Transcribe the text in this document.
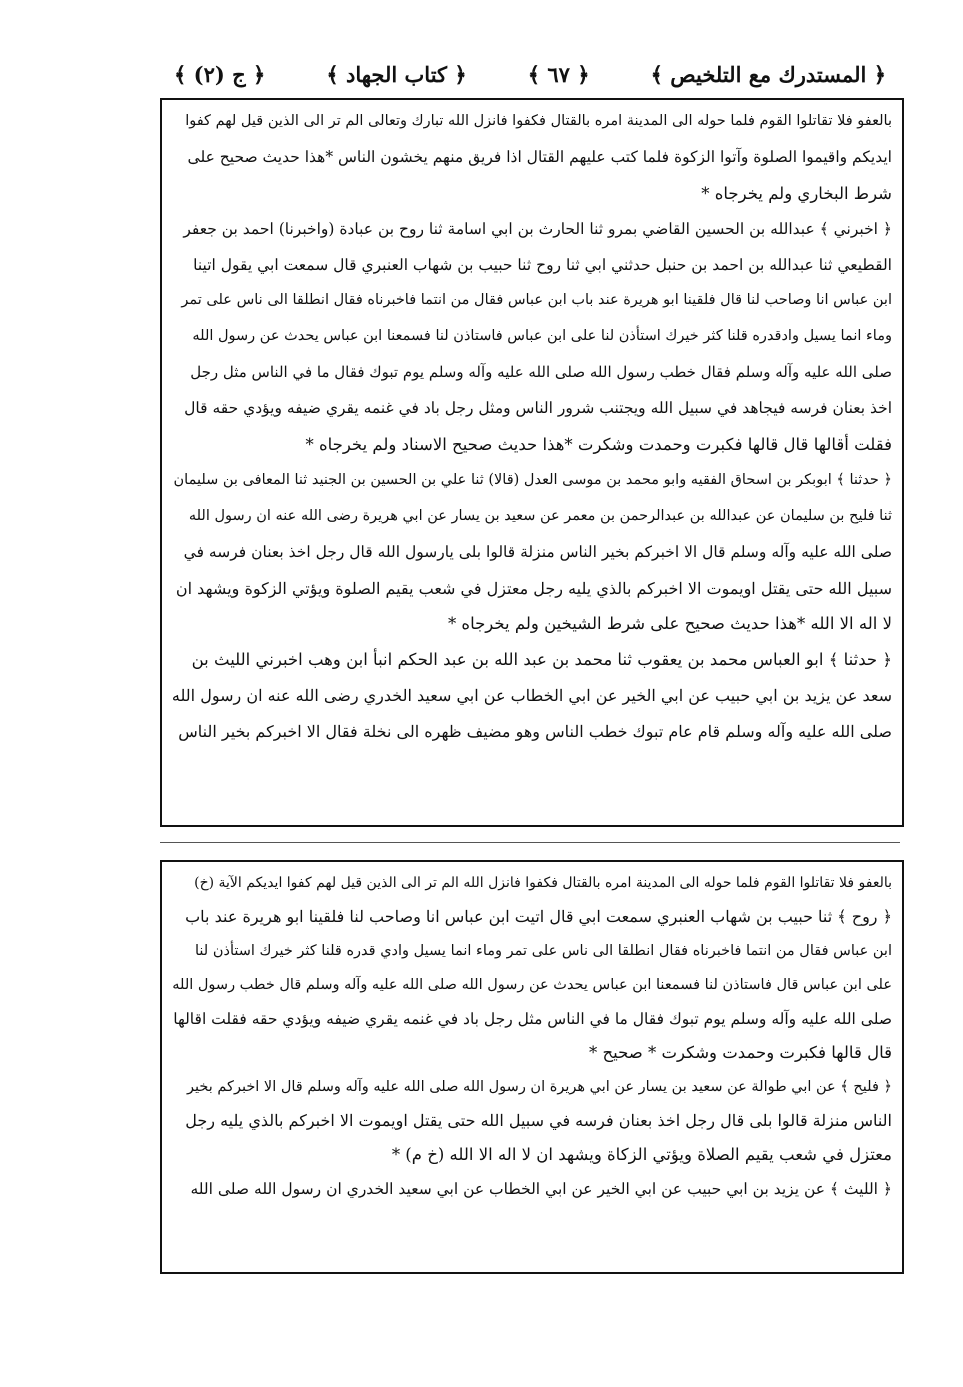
﴿ المستدرك مع التلخيص ﴾
﴿ ٦٧ ﴾
﴿ كتاب الجهاد ﴾
﴿ ج (٢) ﴾
بالعفو فلا تقاتلوا القوم فلما حوله الى المدينة امره بالقتال فكفوا فانزل الله تبارك وتعالى الم تر الى الذين قيل لهم كفوا
ايديكم واقيموا الصلوة وآتوا الزكوة فلما كتب عليهم القتال اذا فريق منهم يخشون الناس *هذا حديث صحيح على
شرط البخاري ولم يخرجاه *
﴿ اخبرني ﴾ عبدالله بن الحسين القاضي بمرو ثنا الحارث بن ابي اسامة ثنا روح بن عبادة (واخبرنا) احمد بن جعفر
القطيعي ثنا عبدالله بن احمد بن حنبل حدثني ابي ثنا روح ثنا حبيب بن شهاب العنبري قال سمعت ابي يقول اتينا
ابن عباس انا وصاحب لنا قال فلقينا ابو هريرة عند باب ابن عباس فقال من انتما فاخبرناه فقال انطلقا الى ناس على تمر
وماء انما يسيل وادقدره قلنا كثر خيرك استأذن لنا على ابن عباس فاستاذن لنا فسمعنا ابن عباس يحدث عن رسول الله
صلى الله عليه وآله وسلم فقال خطب رسول الله صلى الله عليه وآله وسلم يوم تبوك فقال ما في الناس مثل رجل
اخذ بعنان فرسه فيجاهد في سبيل الله ويجتنب شرور الناس ومثل رجل باد في غنمه يقري ضيفه ويؤدي حقه قال
فقلت أقالها قال قالها فكبرت وحمدت وشكرت *هذا حديث صحيح الاسناد ولم يخرجاه *
﴿ حدثنا ﴾ ابوبكر بن اسحاق الفقيه وابو محمد بن موسى العدل (قالا) ثنا علي بن الحسين بن الجنيد ثنا المعافى بن سليمان
ثنا فليح بن سليمان عن عبدالله بن عبدالرحمن بن معمر عن سعيد بن يسار عن ابي هريرة رضى الله عنه ان رسول الله
صلى الله عليه وآله وسلم قال الا اخبركم بخير الناس منزلة قالوا بلى يارسول الله قال رجل اخذ بعنان فرسه في
سبيل الله حتى يقتل اويموت الا اخبركم بالذي يليه رجل معتزل في شعب يقيم الصلوة ويؤتي الزكوة ويشهد ان
لا اله الا الله *هذا حديث صحيح على شرط الشيخين ولم يخرجاه *
﴿ حدثنا ﴾ ابو العباس محمد بن يعقوب ثنا محمد بن عبد الله بن عبد الحكم انبأ ابن وهب اخبرني الليث بن
سعد عن يزيد بن ابي حبيب عن ابي الخير عن ابي الخطاب عن ابي سعيد الخدري رضى الله عنه ان رسول الله
صلى الله عليه وآله وسلم قام عام تبوك خطب الناس وهو مضيف ظهره الى نخلة فقال الا اخبركم بخير الناس
بالعفو فلا تقاتلوا القوم فلما حوله الى المدينة امره بالقتال فكفوا فانزل الله الم تر الى الذين قيل لهم كفوا ايديكم الآية (خ)
﴿ روح ﴾ ثنا حبيب بن شهاب العنبري سمعت ابي قال اتيت ابن عباس انا وصاحب لنا فلقينا ابو هريرة عند باب
ابن عباس فقال من انتما فاخبرناه فقال انطلقا الى ناس على تمر وماء انما يسيل وادي قدره قلنا كثر خيرك استأذن لنا
على ابن عباس قال فاستاذن لنا فسمعنا ابن عباس يحدث عن رسول الله صلى الله عليه وآله وسلم قال خطب رسول الله
صلى الله عليه وآله وسلم يوم تبوك فقال ما في الناس مثل رجل باد في غنمه يقري ضيفه ويؤدي حقه فقلت اقالها
قال قالها فكبرت وحمدت وشكرت * صحيح *
﴿ فليح ﴾ عن ابي طوالة عن سعيد بن يسار عن ابي هريرة ان رسول الله صلى الله عليه وآله وسلم قال الا اخبركم بخير
الناس منزلة قالوا بلى قال رجل اخذ بعنان فرسه في سبيل الله حتى يقتل اويموت الا اخبركم بالذي يليه رجل
معتزل في شعب يقيم الصلاة ويؤتي الزكاة ويشهد ان لا اله الا الله (خ م) *
﴿ الليث ﴾ عن يزيد بن ابي حبيب عن ابي الخير عن ابي الخطاب عن ابي سعيد الخدري ان رسول الله صلى الله
